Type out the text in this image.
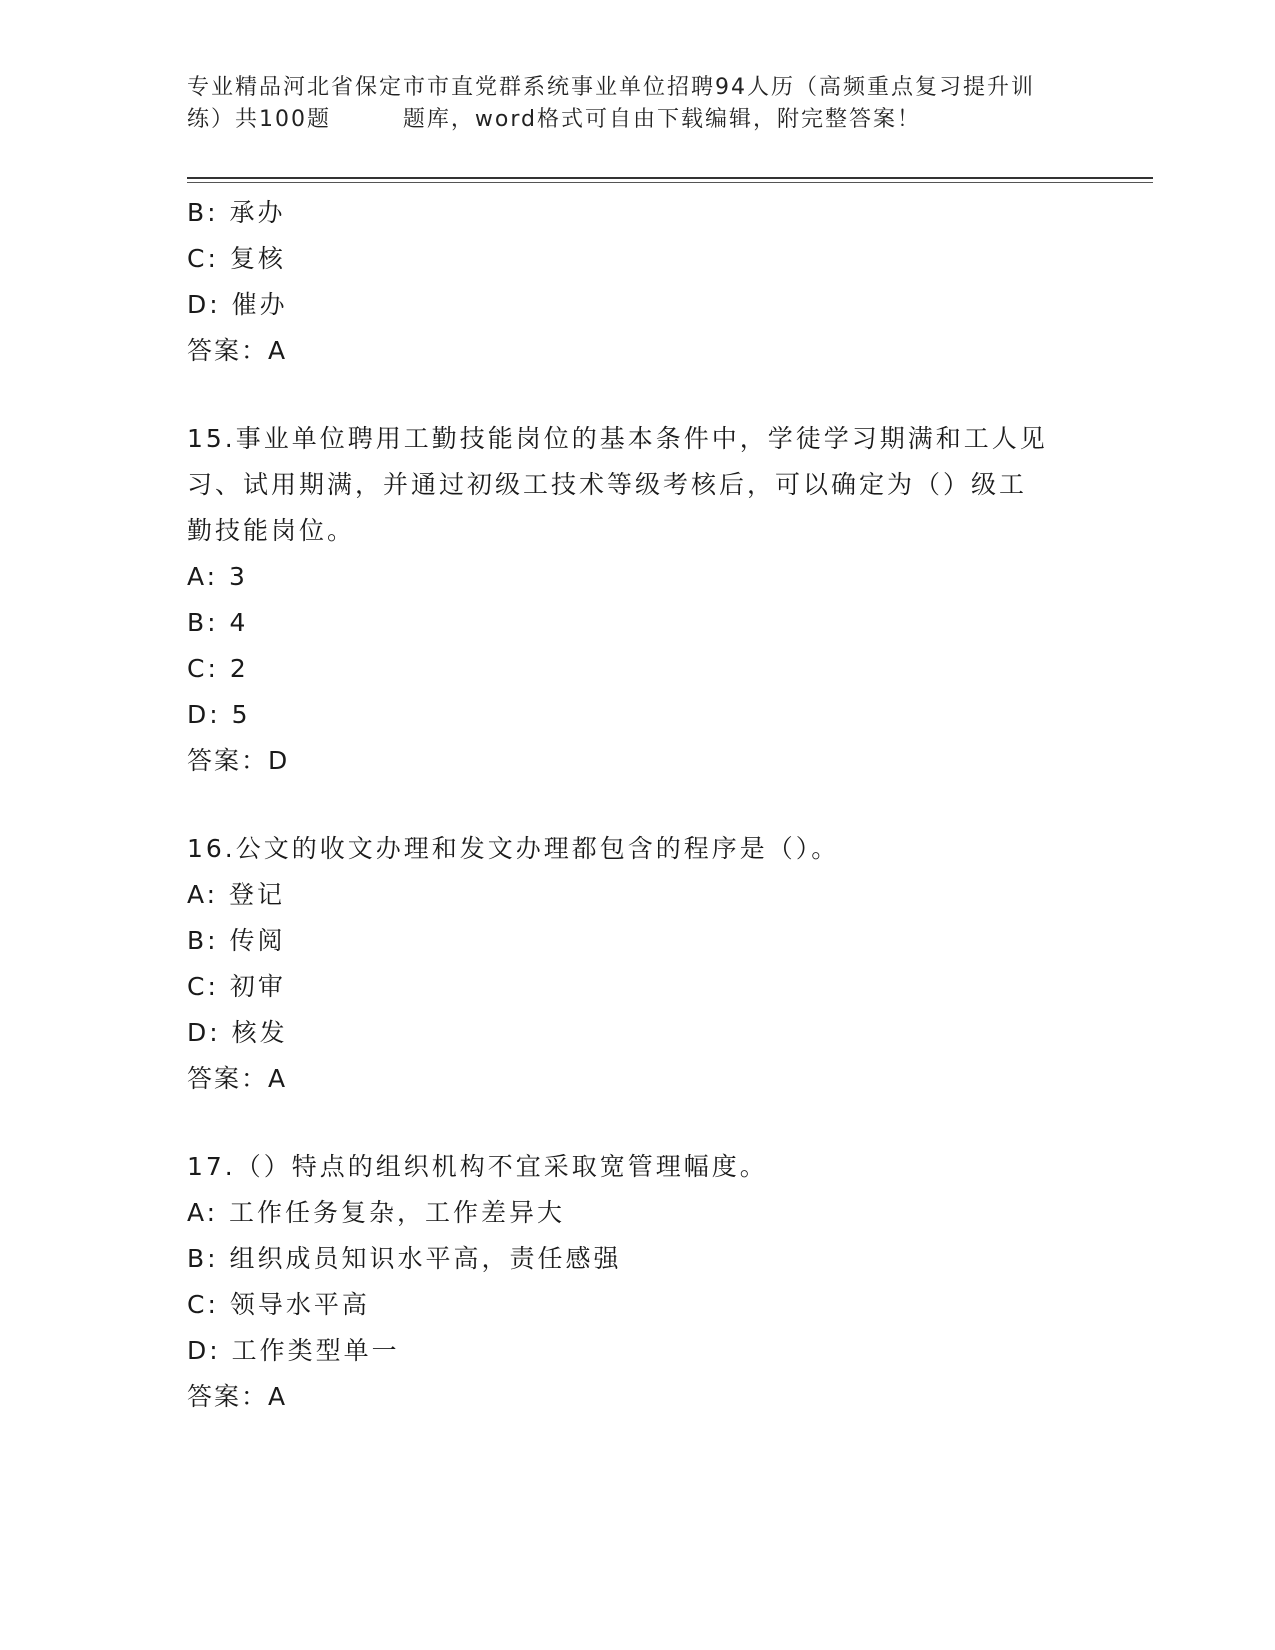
专业精品河北省保定市市直党群系统事业单位招聘94人历（高频重点复习提升训
练）共100题        题库，word格式可自由下载编辑，附完整答案！
B: 承办
C: 复核
D: 催办
答案：A
15.事业单位聘用工勤技能岗位的基本条件中，学徒学习期满和工人见
习、试用期满，并通过初级工技术等级考核后，可以确定为（）级工
勤技能岗位。
A: 3
B: 4
C: 2
D: 5
答案：D
16.公文的收文办理和发文办理都包含的程序是（）。
A: 登记
B: 传阅
C: 初审
D: 核发
答案：A
17.（）特点的组织机构不宜采取宽管理幅度。
A: 工作任务复杂，工作差异大
B: 组织成员知识水平高，责任感强
C: 领导水平高
D: 工作类型单一
答案：A
